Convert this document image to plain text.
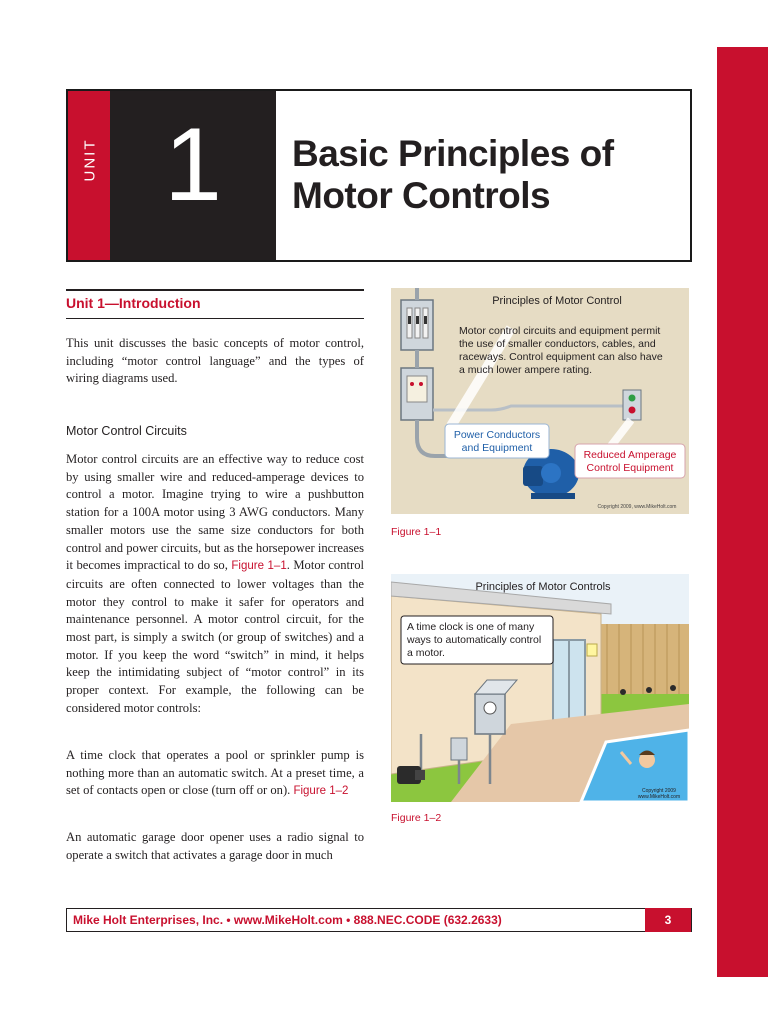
UNIT 1	Basic Principles of
Motor Controls
Unit 1—Introduction

This unit discusses the basic concepts of motor control, including “motor control language” and the types of wiring diagrams used.

Motor Control Circuits

Motor control circuits are an effective way to reduce cost by using smaller wire and reduced-amperage devices to control a motor. Imagine trying to wire a pushbutton station for a 100A motor using 3 AWG conductors. Many smaller motors use the same size conductors for both control and power circuits, but as the horsepower increases it becomes impractical to do so, Figure 1–1. Motor control circuits are often connected to lower voltages than the motor they control to make it safer for operators and maintenance personnel. A motor control circuit, for the most part, is simply a switch (or group of switches) and a motor. If you keep the word “switch” in mind, it helps keep the intimidating subject of “motor control” in its proper context. For example, the following can be considered motor controls:

A time clock that operates a pool or sprinkler pump is nothing more than an automatic switch. At a preset time, a set of contacts open or close (turn off or on). Figure 1–2

An automatic garage door opener uses a radio signal to operate a switch that activates a garage door in much

Principles of Motor Control
Motor control circuits and equipment permit
the use of smaller conductors, cables, and
raceways. Control equipment can also have
a much lower ampere rating.
Power Conductors
and Equipment
Reduced Amperage
Control Equipment
Copyright 2009, www.MikeHolt.com
Figure 1–1
Principles of Motor Controls
A time clock is one of many
ways to automatically control
a motor.
Copyright 2009
www.MikeHolt.com
Figure 1–2
Mike Holt Enterprises, Inc. • www.MikeHolt.com • 888.NEC.CODE (632.2633)	3
